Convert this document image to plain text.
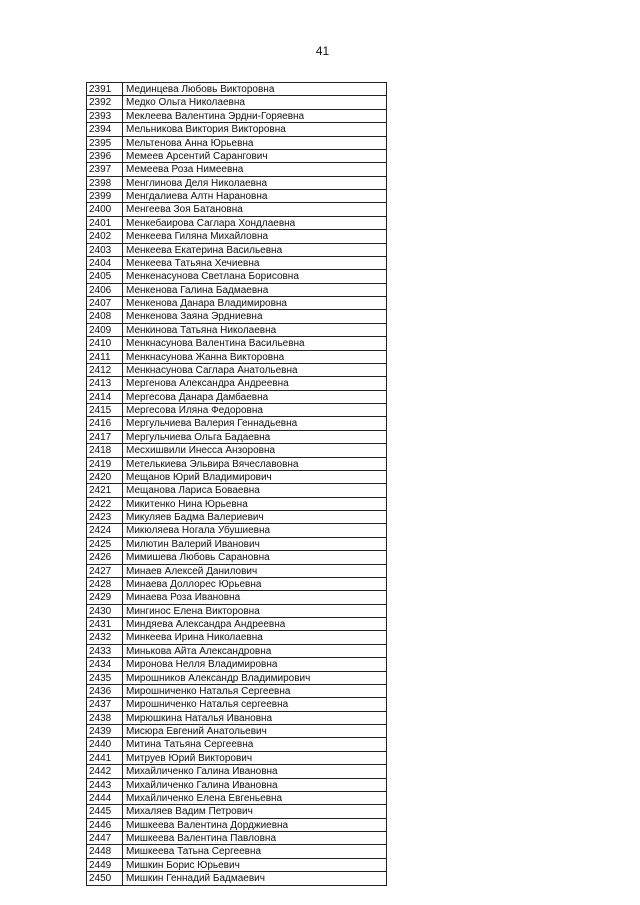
41
2391	Мединцева Любовь Викторовна
2392	Медко Ольга Николаевна
2393	Меклеева Валентина Эрдни-Горяевна
2394	Мельникова Виктория Викторовна
2395	Мельтенова Анна Юрьевна
2396	Мемеев Арсентий Сарангович
2397	Мемеева Роза Нимеевна
2398	Менглинова Деля Николаевна
2399	Менгдалиева Алтн Нарановна
2400	Менгеева Зоя Батановна
2401	Менкебаирова Саглара Хондлаевна
2402	Менкеева Гиляна Михайловна
2403	Менкеева Екатерина Васильевна
2404	Менкеева Татьяна Хечиевна
2405	Менкенасунова Светлана Борисовна
2406	Менкенова Галина Бадмаевна
2407	Менкенова Данара Владимировна
2408	Менкенова Заяна Эрдниевна
2409	Менкинова Татьяна Николаевна
2410	Менкнасунова Валентина Васильевна
2411	Менкнасунова Жанна Викторовна
2412	Менкнасунова Саглара Анатольевна
2413	Мергенова Александра Андреевна
2414	Мергесова Данара Дамбаевна
2415	Мергесова Иляна Федоровна
2416	Мергульчиева Валерия Геннадьевна
2417	Мергульчиева Ольга Бадаевна
2418	Месхишвили Инесса Анзоровна
2419	Метелькиева Эльвира Вячеславовна
2420	Мещанов Юрий Владимирович
2421	Мещанова Лариса Боваевна
2422	Микитенко Нина Юрьевна
2423	Микуляев Бадма Валериевич
2424	Микюляева Ногала Убушиевна
2425	Милютин Валерий Иванович
2426	Мимишева Любовь Сарановна
2427	Минаев Алексей Данилович
2428	Минаева Доллорес Юрьевна
2429	Минаева Роза Ивановна
2430	Мингинос Елена Викторовна
2431	Миндяева Александра Андреевна
2432	Минкеева Ирина Николаевна
2433	Минькова Айта Александровна
2434	Миронова Нелля Владимировна
2435	Мирошников Александр Владимирович
2436	Мирошниченко Наталья Сергеевна
2437	Мирошниченко Наталья сергеевна
2438	Мирюшкина Наталья Ивановна
2439	Мисюра Евгений Анатольевич
2440	Митина Татьяна Сергеевна
2441	Митруев Юрий Викторович
2442	Михайличенко Галина Ивановна
2443	Михайличенко Галина Ивановна
2444	Михайличенко Елена Евгеньевна
2445	Михаляев Вадим Петрович
2446	Мишкеева Валентина Дорджиевна
2447	Мишкеева Валентина Павловна
2448	Мишкеева Татьна Сергеевна
2449	Мишкин Борис Юрьевич
2450	Мишкин Геннадий Бадмаевич
